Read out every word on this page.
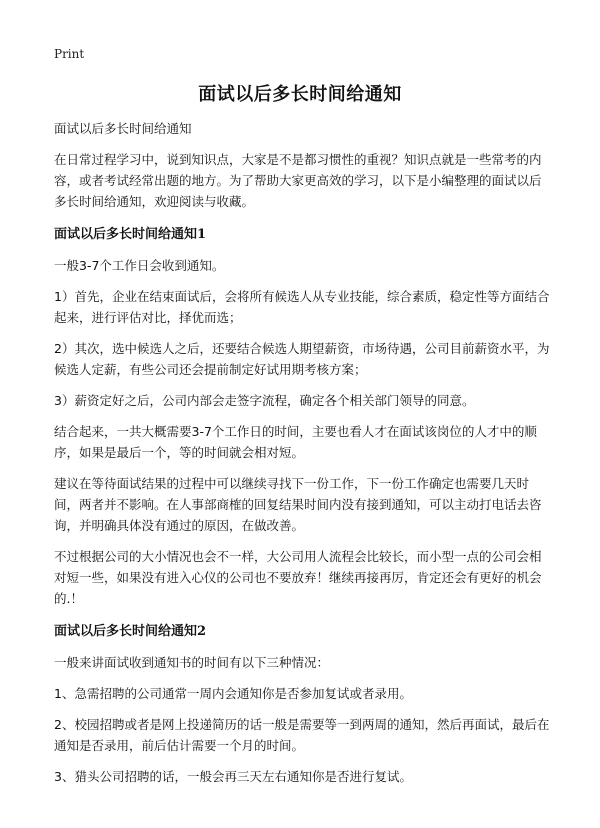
Print
面试以后多长时间给通知

面试以后多长时间给通知

在日常过程学习中，说到知识点，大家是不是都习惯性的重视？知识点就是一些常考的内容，或者考试经常出题的地方。为了帮助大家更高效的学习，以下是小编整理的面试以后多长时间给通知，欢迎阅读与收藏。

面试以后多长时间给通知1

一般3-7个工作日会收到通知。

1）首先，企业在结束面试后，会将所有候选人从专业技能，综合素质，稳定性等方面结合起来，进行评估对比，择优而选；

2）其次，选中候选人之后，还要结合候选人期望薪资，市场待遇，公司目前薪资水平，为候选人定薪，有些公司还会提前制定好试用期考核方案；

3）薪资定好之后，公司内部会走签字流程，确定各个相关部门领导的同意。

结合起来，一共大概需要3-7个工作日的时间，主要也看人才在面试该岗位的人才中的顺序，如果是最后一个，等的时间就会相对短。

建议在等待面试结果的过程中可以继续寻找下一份工作，下一份工作确定也需要几天时间，两者并不影响。在人事部商榷的回复结果时间内没有接到通知，可以主动打电话去咨询，并明确具体没有通过的原因，在做改善。

不过根据公司的大小情况也会不一样，大公司用人流程会比较长，而小型一点的公司会相对短一些，如果没有进入心仪的公司也不要放弃！继续再接再厉，肯定还会有更好的机会的.！

面试以后多长时间给通知2

一般来讲面试收到通知书的时间有以下三种情况：

1、急需招聘的公司通常一周内会通知你是否参加复试或者录用。

2、校园招聘或者是网上投递简历的话一般是需要等一到两周的通知，然后再面试，最后在通知是否录用，前后估计需要一个月的时间。

3、猎头公司招聘的话，一般会再三天左右通知你是否进行复试。
